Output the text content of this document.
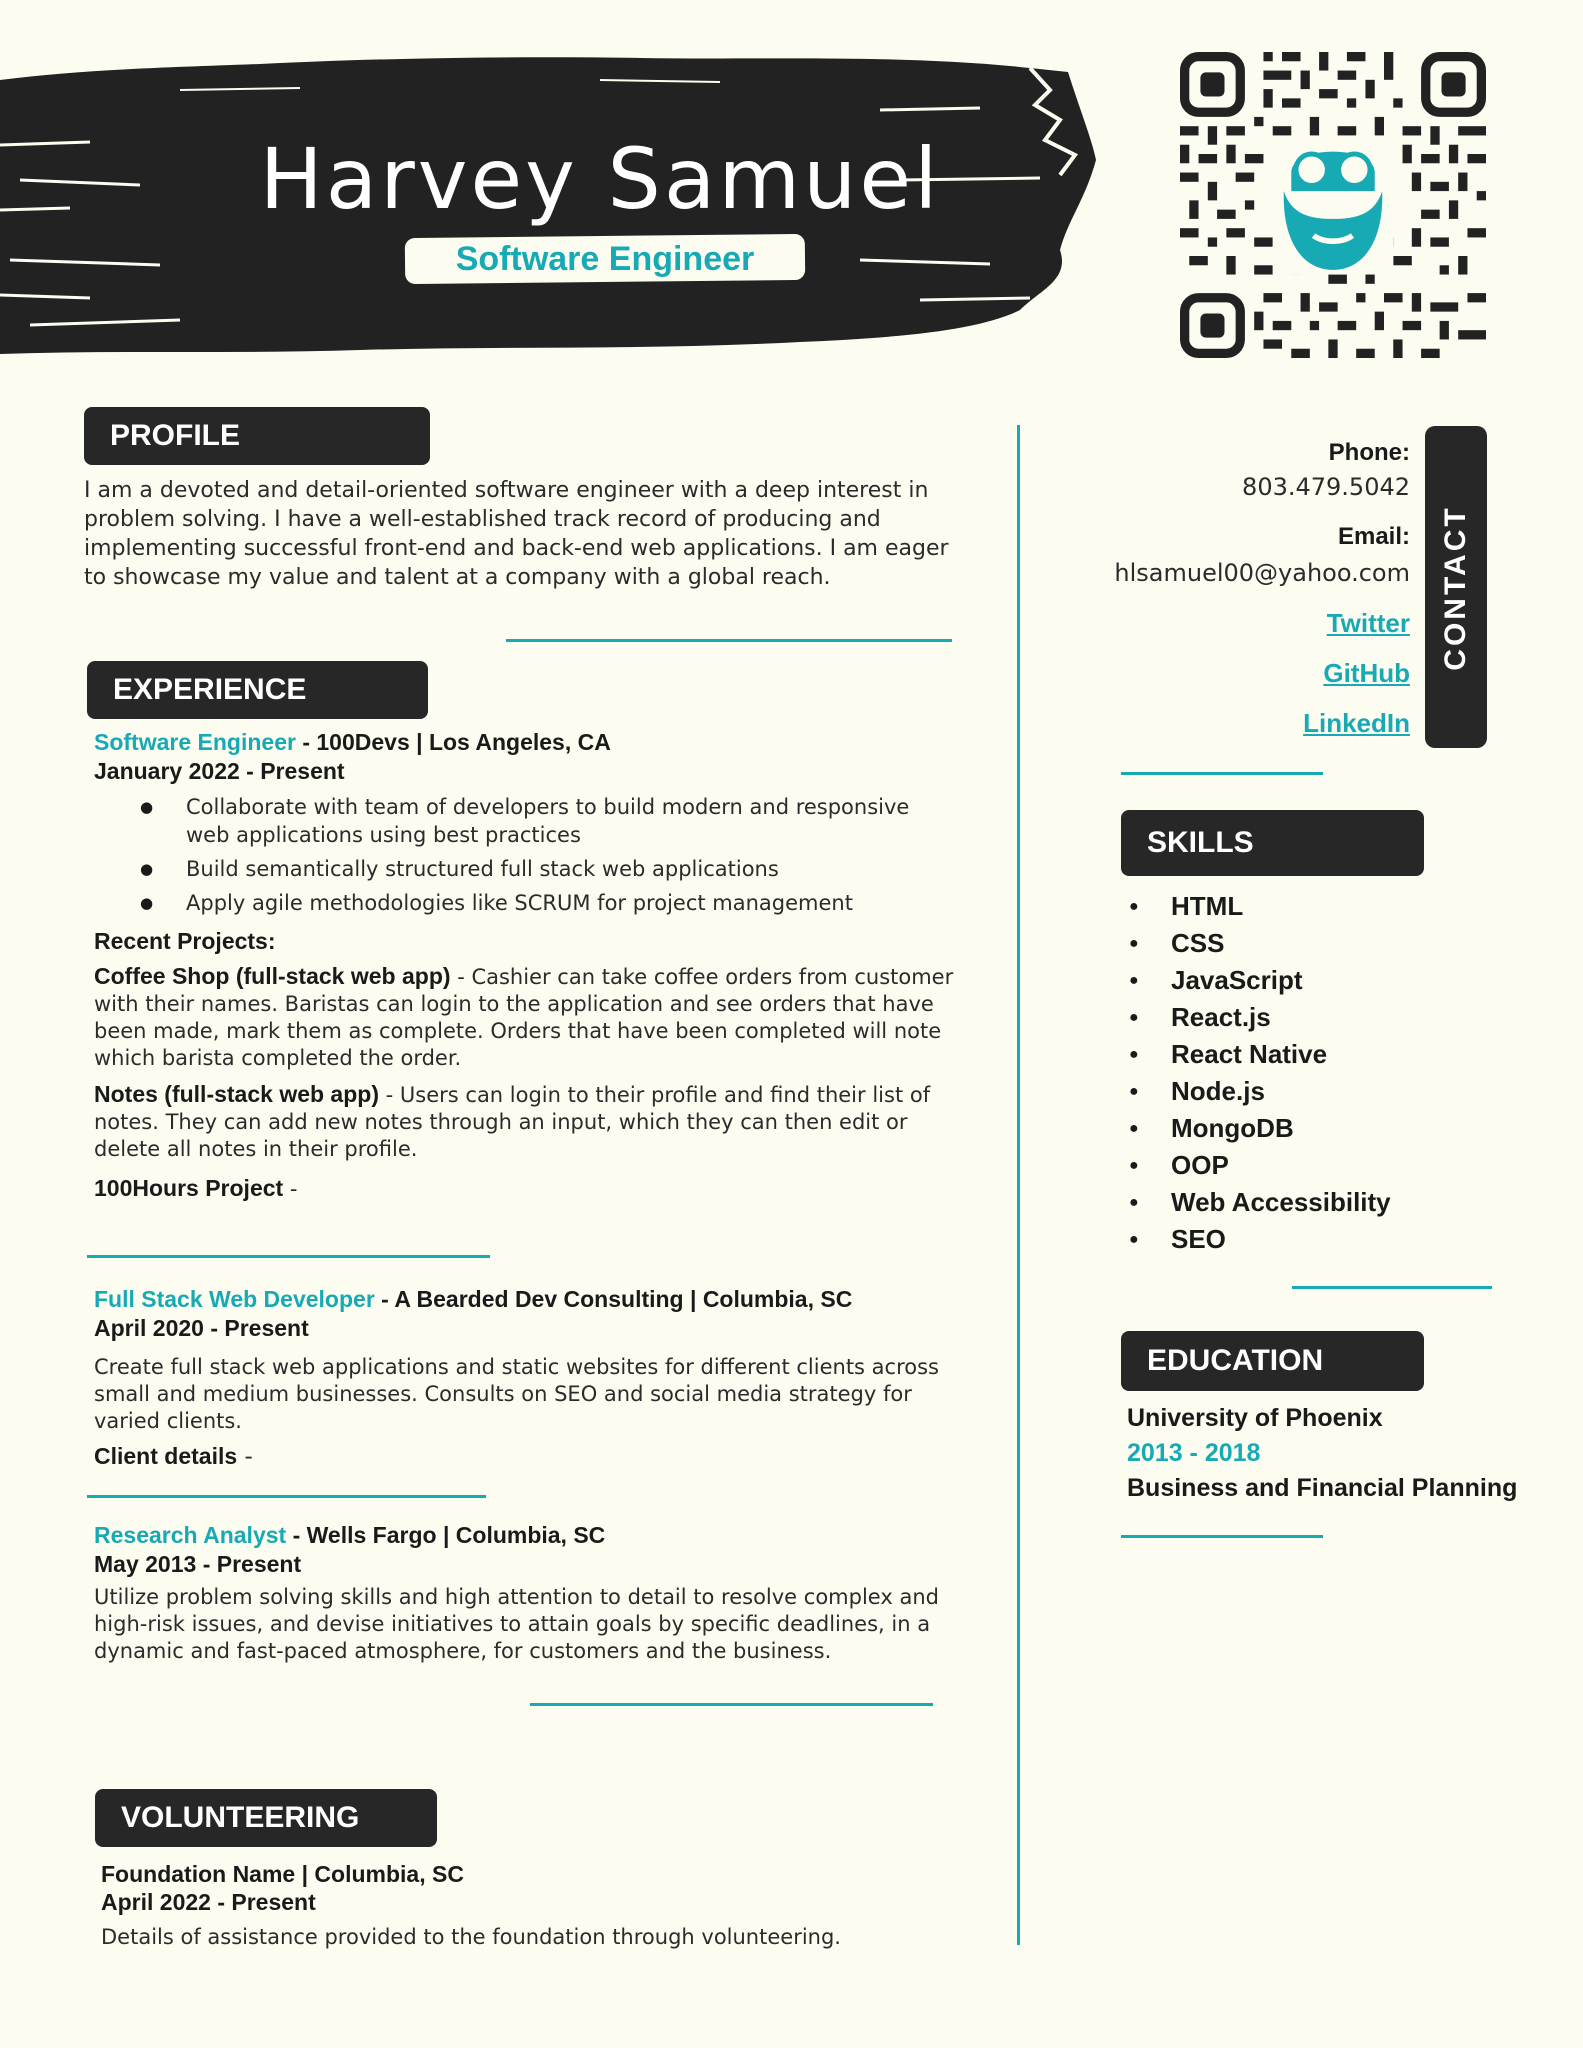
Harvey Samuel
Software Engineer
PROFILE
I am a devoted and detail-oriented software engineer with a deep interest in problem solving. I have a well-established track record of producing and implementing successful front-end and back-end web applications. I am eager to showcase my value and talent at a company with a global reach.
EXPERIENCE
Software Engineer - 100Devs | Los Angeles, CA
January 2022 - Present
● Collaborate with team of developers to build modern and responsive web applications using best practices
● Build semantically structured full stack web applications
● Apply agile methodologies like SCRUM for project management
Recent Projects:
Coffee Shop (full-stack web app) - Cashier can take coffee orders from customer with their names. Baristas can login to the application and see orders that have been made, mark them as complete. Orders that have been completed will note which barista completed the order.
Notes (full-stack web app) - Users can login to their profile and find their list of notes. They can add new notes through an input, which they can then edit or delete all notes in their profile.
100Hours Project -
Full Stack Web Developer - A Bearded Dev Consulting | Columbia, SC
April 2020 - Present
Create full stack web applications and static websites for different clients across small and medium businesses. Consults on SEO and social media strategy for varied clients.
Client details -
Research Analyst - Wells Fargo | Columbia, SC
May 2013 - Present
Utilize problem solving skills and high attention to detail to resolve complex and high-risk issues, and devise initiatives to attain goals by specific deadlines, in a dynamic and fast-paced atmosphere, for customers and the business.
VOLUNTEERING
Foundation Name | Columbia, SC
April 2022 - Present
Details of assistance provided to the foundation through volunteering.
CONTACT
Phone:
803.479.5042
Email:
hlsamuel00@yahoo.com
Twitter
GitHub
LinkedIn
SKILLS
● HTML
● CSS
● JavaScript
● React.js
● React Native
● Node.js
● MongoDB
● OOP
● Web Accessibility
● SEO
EDUCATION
University of Phoenix
2013 - 2018
Business and Financial Planning
